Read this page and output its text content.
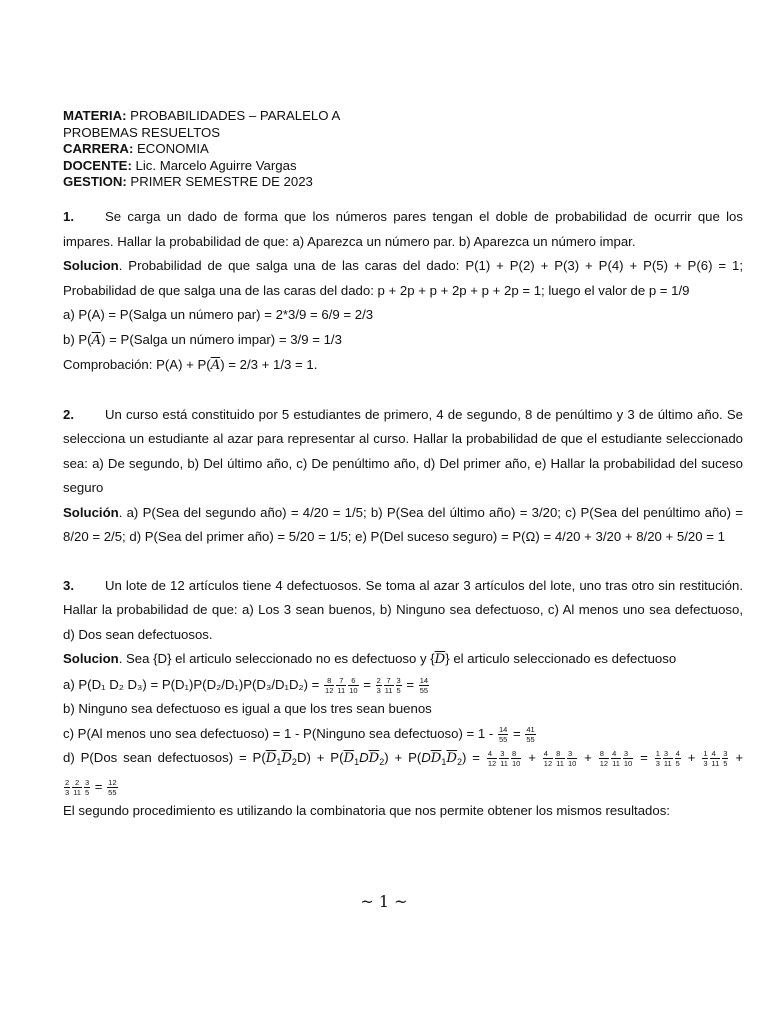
MATERIA: PROBABILIDADES – PARALELO A
PROBEMAS RESUELTOS
CARRERA: ECONOMIA
DOCENTE: Lic. Marcelo Aguirre Vargas
GESTION: PRIMER SEMESTRE DE 2023

1. Se carga un dado de forma que los números pares tengan el doble de probabilidad de ocurrir que los impares. Hallar la probabilidad de que: a) Aparezca un número par. b) Aparezca un número impar.

Solucion. Probabilidad de que salga una de las caras del dado: P(1) + P(2) + P(3) + P(4) + P(5) + P(6) = 1; Probabilidad de que salga una de las caras del dado: p + 2p + p + 2p + p + 2p = 1; luego el valor de p = 1/9

a) P(A) = P(Salga un número par) = 2*3/9 = 6/9 = 2/3

b) $P(\overline{A}) = P(Salga$ un número impar) = 3/9 = 1/3

Comprobación: $P(A) + P(\overline{A}) = 2/3 + 1/3 = 1$.

2. Un curso está constituido por 5 estudiantes de primero, 4 de segundo, 8 de penúltimo y 3 de último año. Se selecciona un estudiante al azar para representar al curso. Hallar la probabilidad de que el estudiante seleccionado sea: a) De segundo, b) Del último año, c) De penúltimo año, d) Del primer año, e) Hallar la probabilidad del suceso seguro

Solución. a) P(Sea del segundo año) = 4/20 = 1/5; b) P(Sea del último año) = 3/20; c) P(Sea del penúltimo año) = 8/20 = 2/5; d) P(Sea del primer año) = 5/20 = 1/5; e) P(Del suceso seguro) = P(Ω) = 4/20 + 3/20 + 8/20 + 5/20 = 1

3. Un lote de 12 artículos tiene 4 defectuosos. Se toma al azar 3 artículos del lote, uno tras otro sin restitución. Hallar la probabilidad de que: a) Los 3 sean buenos, b) Ninguno sea defectuoso, c) Al menos uno sea defectuoso, d) Dos sean defectuosos.

Solucion. Sea {D} el articulo seleccionado no es defectuoso y $\{\overline{D}\}$ el articulo seleccionado es defectuoso

a) P(D₁ D₂ $D_3) = P(D_1)P(D_2/D_1)P(D_3/D_1D_2) = \frac{8}{12} \frac{7}{11} \frac{6}{10} = \frac{2}{3} \frac{7}{11} \frac{3}{5} = \frac{14}{55}$

b) Ninguno sea defectuoso es igual a que los tres sean buenos

c) P(Al menos uno sea defectuoso) = 1 - P(Ninguno sea defectuoso) = $1 - \frac{14}{55} = \frac{41}{55}$

d) P(Dos sean defectuosos) = $P(\overline{D}_1\overline{D}_2D) + P(\overline{D}_1D\overline{D}_2) + P(D\overline{D}_1\overline{D}_2) = \frac{4}{12} \frac{3}{11} \frac{8}{10} + \frac{4}{12} \frac{8}{11} \frac{3}{10} + \frac{8}{12} \frac{4}{11} \frac{3}{10} = \frac{1}{3} \frac{3}{11} \frac{4}{5} + \frac{1}{3} \frac{4}{11} \frac{3}{5}$ +

$\frac{2}{3} \frac{2}{11} \frac{3}{5} = \frac{12}{55}$

El segundo procedimiento es utilizando la combinatoria que nos permite obtener los mismos resultados:

~ 1 ~
